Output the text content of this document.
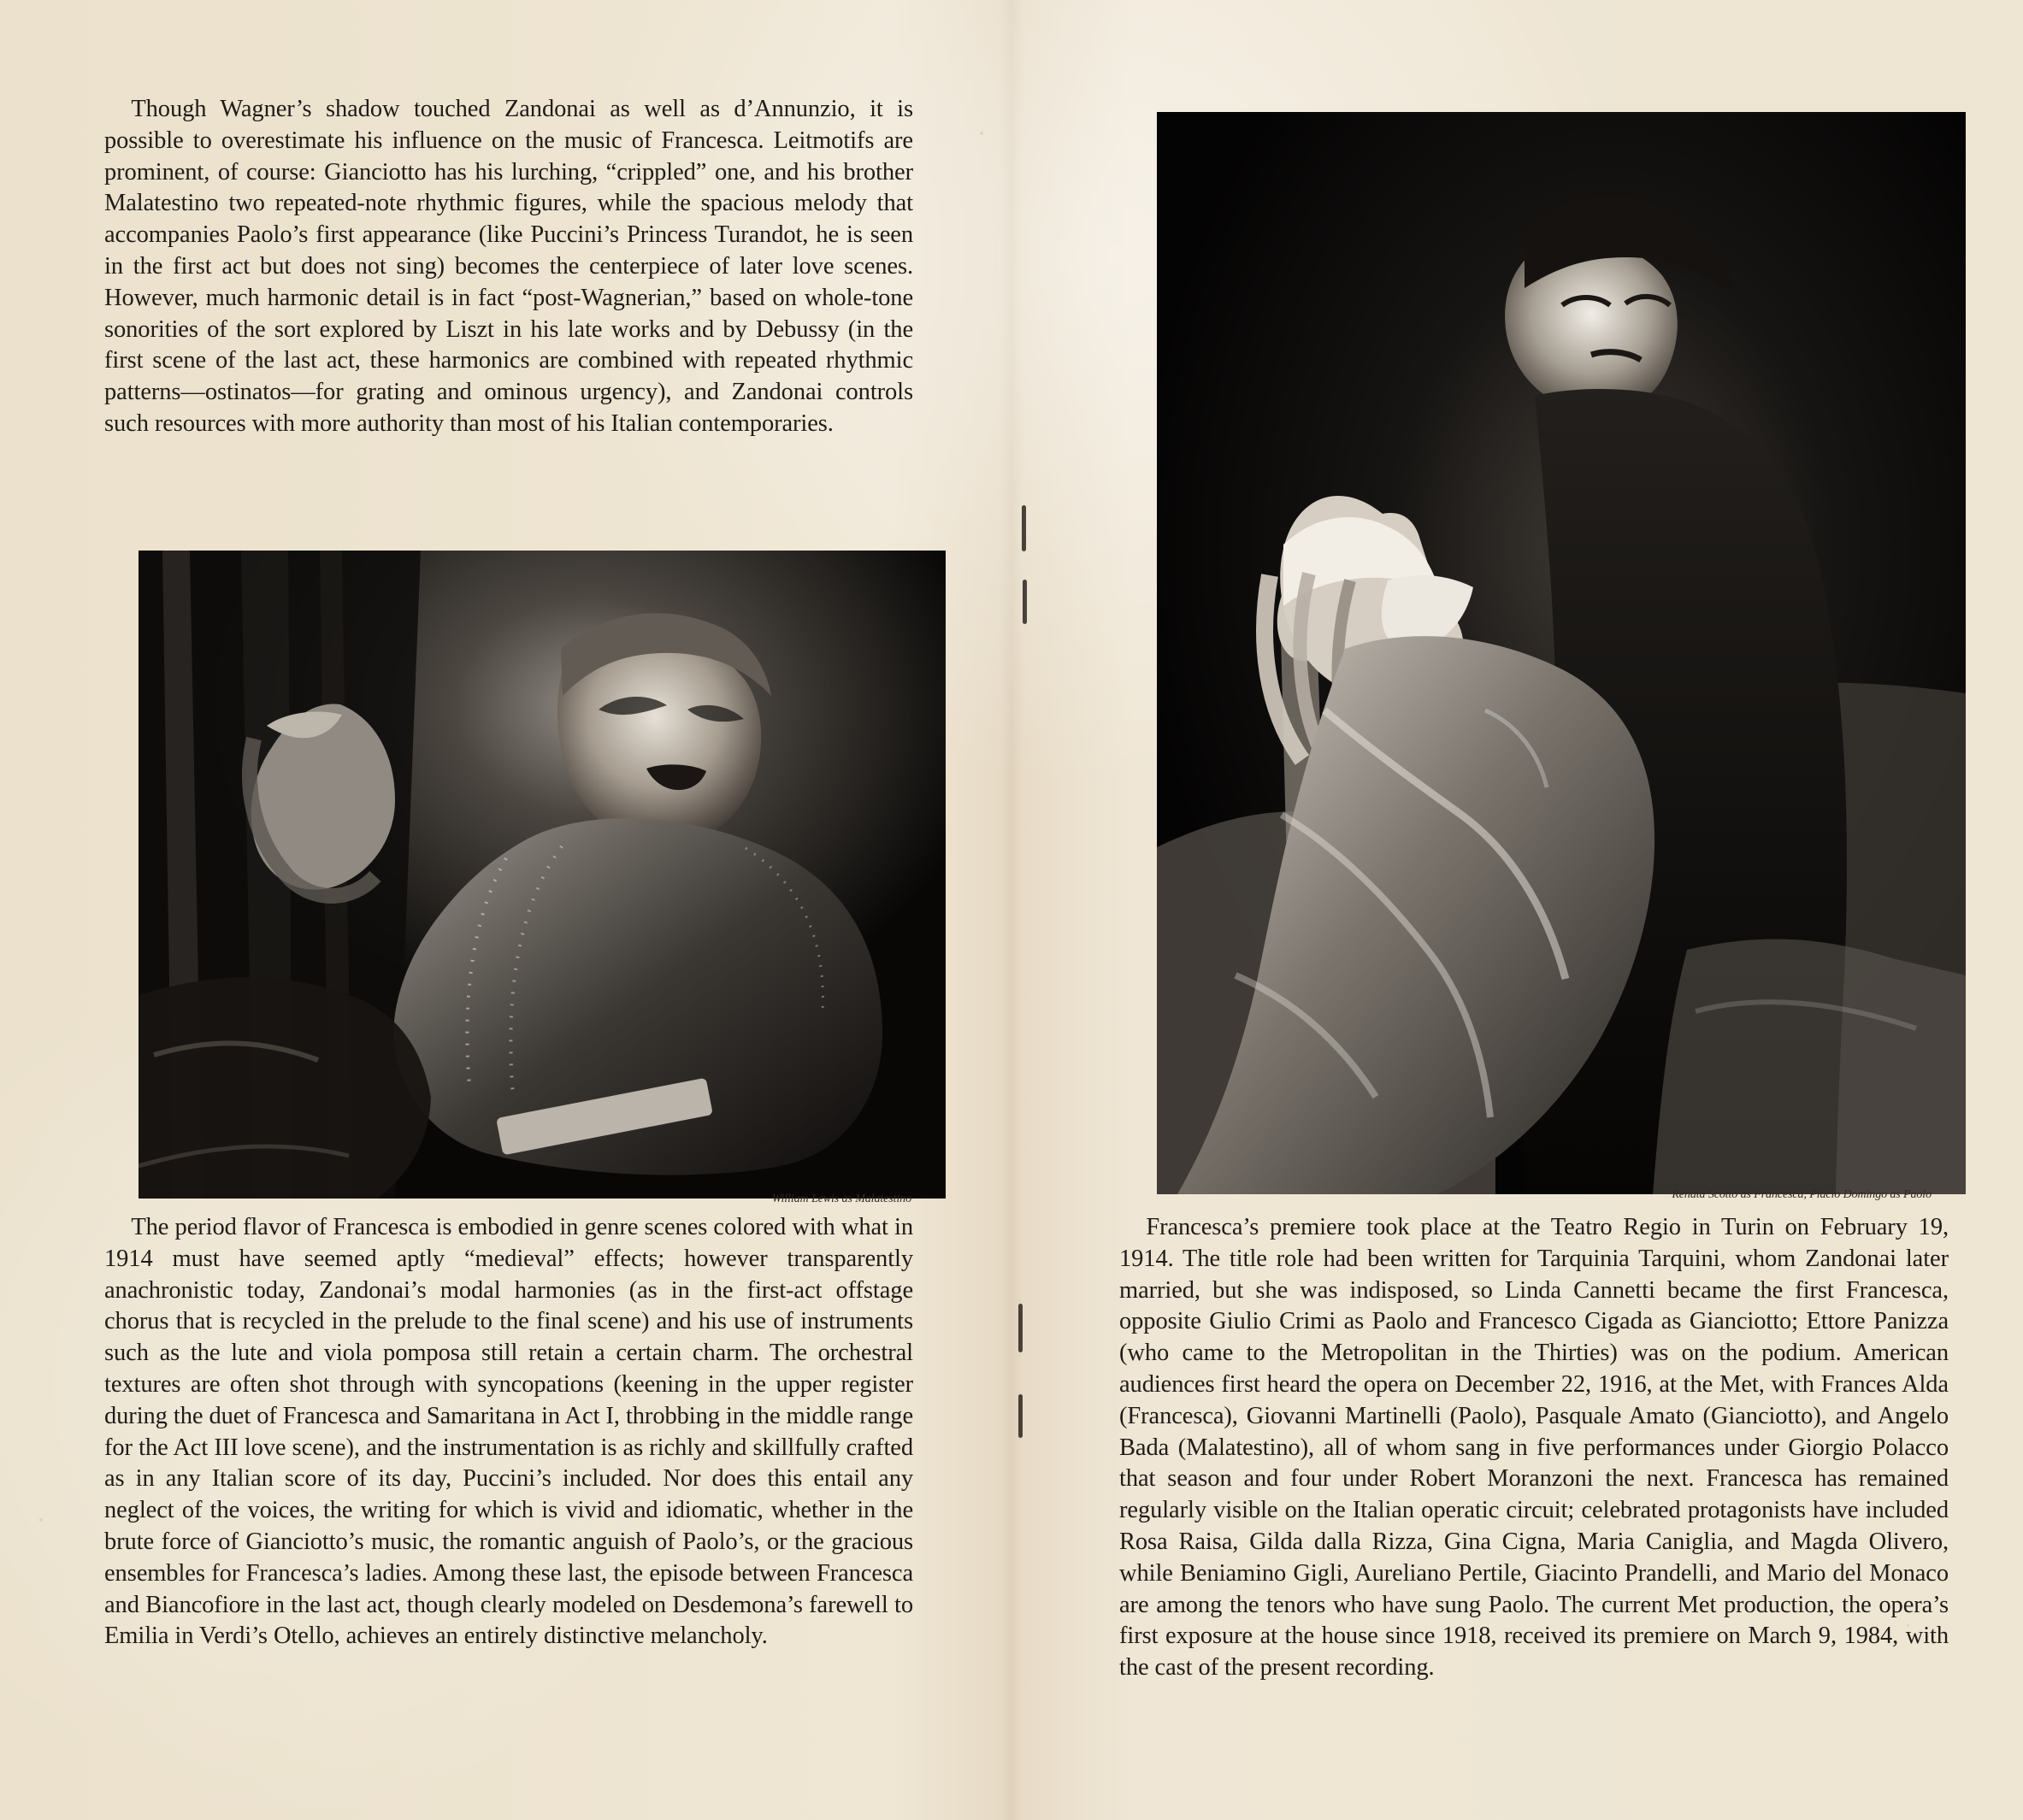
Though Wagner’s shadow touched Zandonai as well as d’Annunzio, it is possible to overestimate his influence on the music of Francesca. Leitmotifs are prominent, of course: Gianciotto has his lurching, “crippled” one, and his brother Malatestino two repeated-note rhythmic figures, while the spacious melody that accompanies Paolo’s first appearance (like Puccini’s Princess Turandot, he is seen in the first act but does not sing) becomes the centerpiece of later love scenes. However, much harmonic detail is in fact “post-Wagnerian,” based on whole-tone sonorities of the sort explored by Liszt in his late works and by Debussy (in the first scene of the last act, these harmonics are combined with repeated rhythmic patterns—ostinatos—for grating and ominous urgency), and Zandonai controls such resources with more authority than most of his Italian contemporaries.

William Lewis as Malatestino

The period flavor of Francesca is embodied in genre scenes colored with what in 1914 must have seemed aptly “medieval” effects; however transparently anachronistic today, Zandonai’s modal harmonies (as in the first-act offstage chorus that is recycled in the prelude to the final scene) and his use of instruments such as the lute and viola pomposa still retain a certain charm. The orchestral textures are often shot through with syncopations (keening in the upper register during the duet of Francesca and Samaritana in Act I, throbbing in the middle range for the Act III love scene), and the instrumentation is as richly and skillfully crafted as in any Italian score of its day, Puccini’s included. Nor does this entail any neglect of the voices, the writing for which is vivid and idiomatic, whether in the brute force of Gianciotto’s music, the romantic anguish of Paolo’s, or the gracious ensembles for Francesca’s ladies. Among these last, the episode between Francesca and Biancofiore in the last act, though clearly modeled on Desdemona’s farewell to Emilia in Verdi’s Otello, achieves an entirely distinctive melancholy.

Renata Scotto as Francesca, Placio Domingo as Paolo

Francesca’s premiere took place at the Teatro Regio in Turin on February 19, 1914. The title role had been written for Tarquinia Tarquini, whom Zandonai later married, but she was indisposed, so Linda Cannetti became the first Francesca, opposite Giulio Crimi as Paolo and Francesco Cigada as Gianciotto; Ettore Panizza (who came to the Metropolitan in the Thirties) was on the podium. American audiences first heard the opera on December 22, 1916, at the Met, with Frances Alda (Francesca), Giovanni Martinelli (Paolo), Pasquale Amato (Gianciotto), and Angelo Bada (Malatestino), all of whom sang in five performances under Giorgio Polacco that season and four under Robert Moranzoni the next. Francesca has remained regularly visible on the Italian operatic circuit; celebrated protagonists have included Rosa Raisa, Gilda dalla Rizza, Gina Cigna, Maria Caniglia, and Magda Olivero, while Beniamino Gigli, Aureliano Pertile, Giacinto Prandelli, and Mario del Monaco are among the tenors who have sung Paolo. The current Met production, the opera’s first exposure at the house since 1918, received its premiere on March 9, 1984, with the cast of the present recording.
